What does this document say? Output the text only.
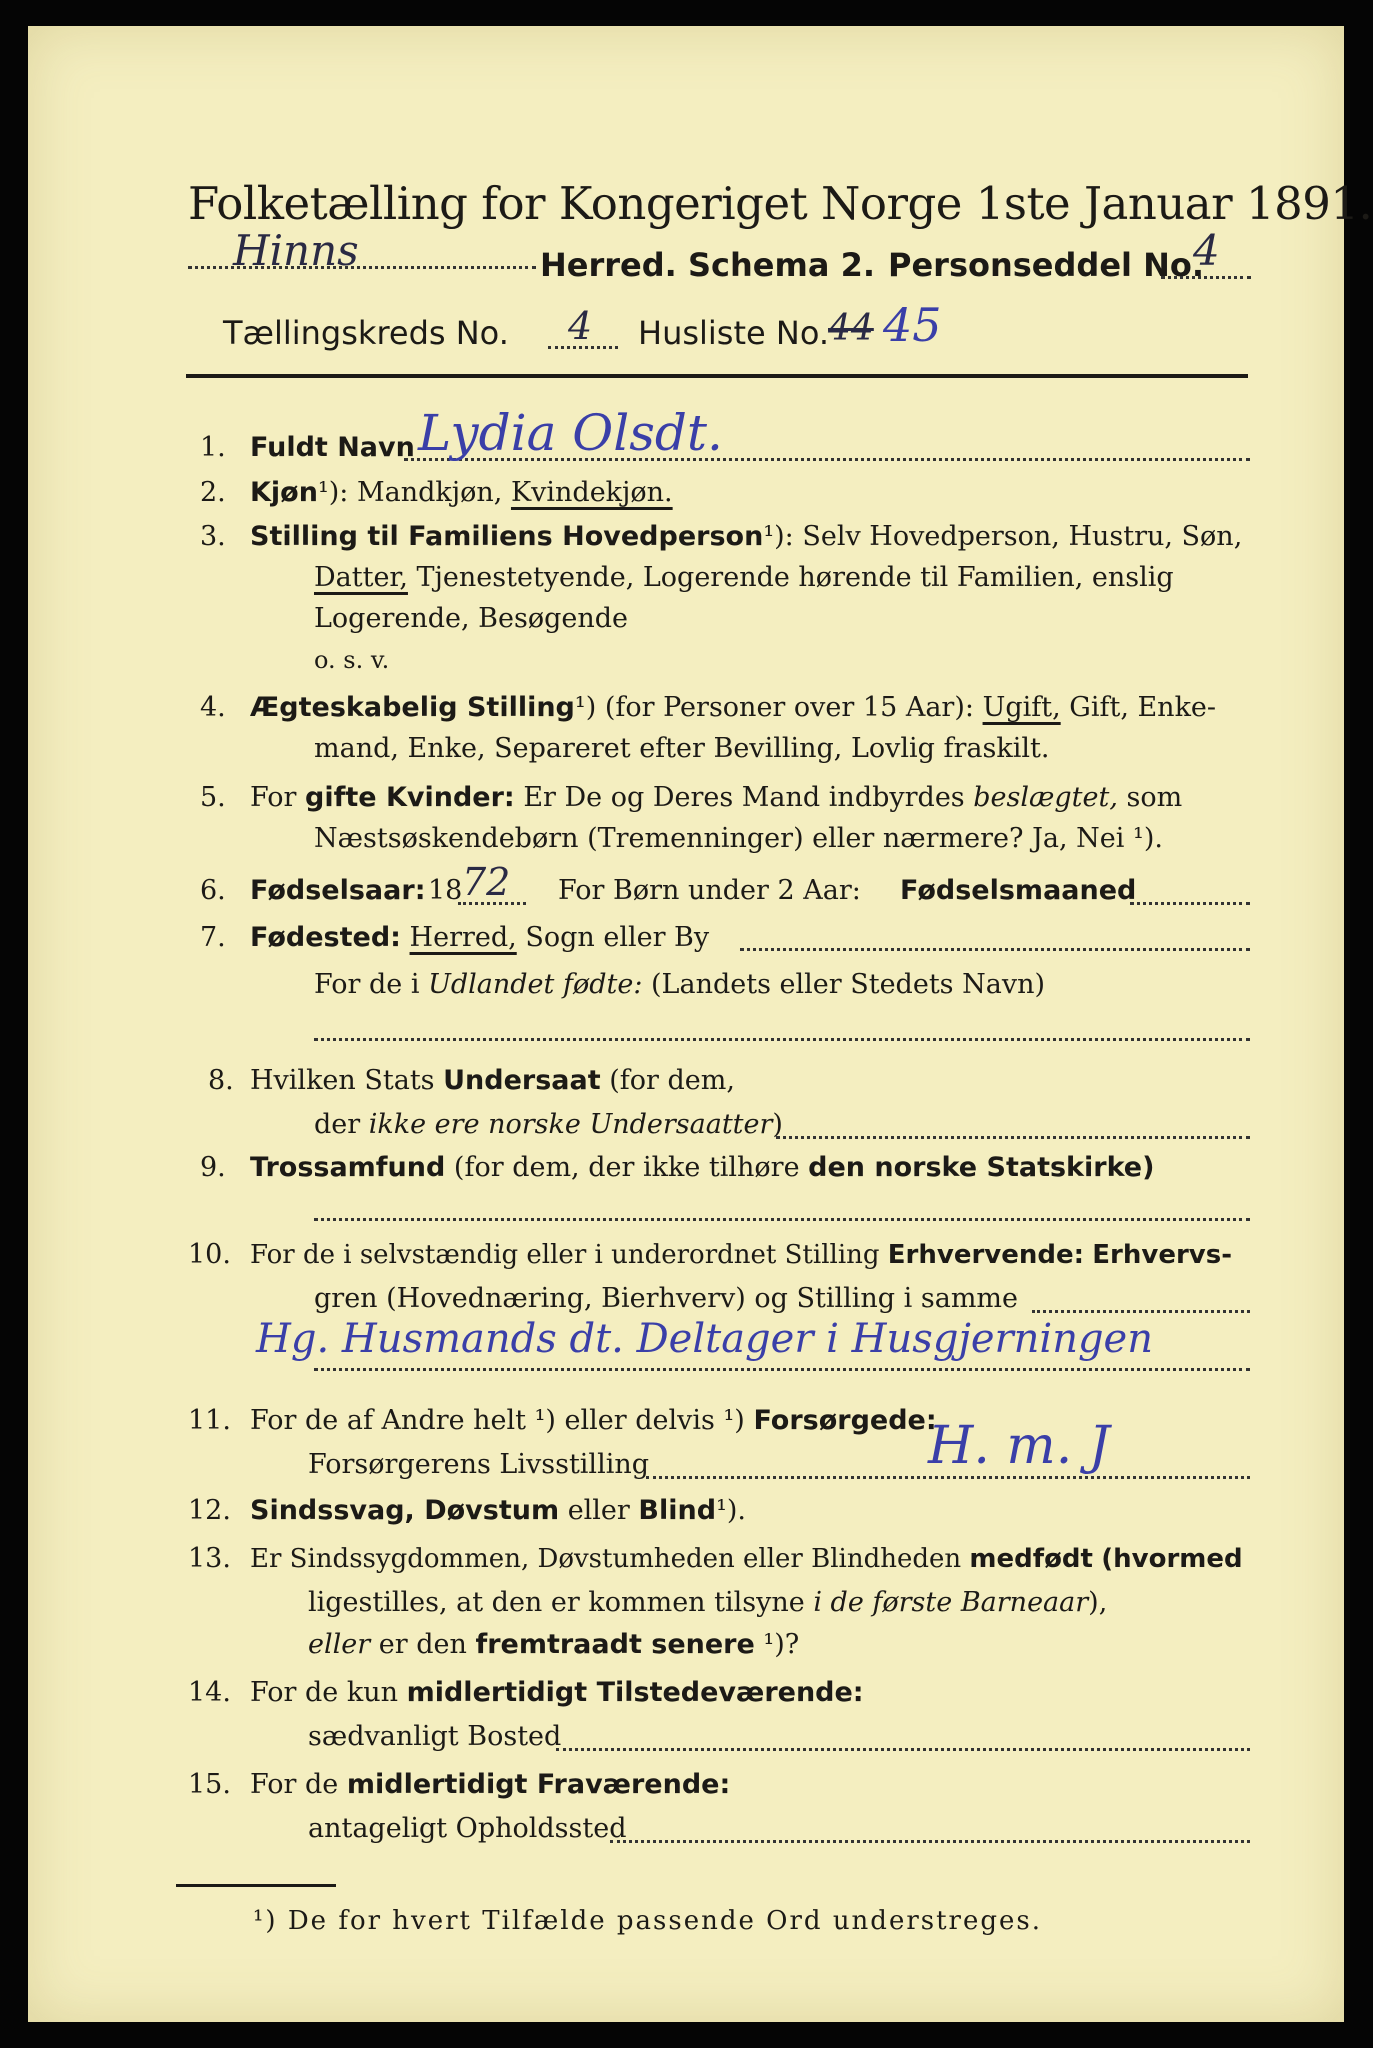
Folketælling for Kongeriget Norge 1ste Januar 1891.
Hinns	Herred. Schema 2. Personseddel No.
4
Tællingskreds No. 4 Husliste No. 44 45
1. Fuldt Navn Lydia Olsdt.
2. Kjøn¹): Mandkjøn, Kvindekjøn.
3. Stilling til Familiens Hovedperson¹): Selv Hovedperson, Hustru, Søn,
Datter, Tjenestetyende, Logerende hørende til Familien, enslig
Logerende, Besøgende
o. s. v.
4. Ægteskabelig Stilling¹) (for Personer over 15 Aar): Ugift, Gift, Enke-
mand, Enke, Separeret efter Bevilling, Lovlig fraskilt.
5. For gifte Kvinder: Er De og Deres Mand indbyrdes beslægtet, som
Næstsøskendebørn (Tremenninger) eller nærmere? Ja, Nei ¹).
6. Fødselsaar: 18 72 For Børn under 2 Aar: Fødselsmaaned
7. Fødested: Herred, Sogn eller By
For de i Udlandet fødte: (Landets eller Stedets Navn)
8. Hvilken Stats Undersaat (for dem,
der ikke ere norske Undersaatter)
9. Trossamfund (for dem, der ikke tilhøre den norske Statskirke)
10. For de i selvstændig eller i underordnet Stilling Erhvervende: Erhvervs-
gren (Hovednæring, Bierhverv) og Stilling i samme
Hg. Husmands dt. Deltager i Husgjerningen
11. For de af Andre helt ¹) eller delvis ¹) Forsørgede:
Forsørgerens Livsstilling	H. m. J
12. Sindssvag, Døvstum eller Blind¹).
13. Er Sindssygdommen, Døvstumheden eller Blindheden medfødt (hvormed
ligestilles, at den er kommen tilsyne i de første Barneaar),
eller er den fremtraadt senere ¹)?
14. For de kun midlertidigt Tilstedeværende:
sædvanligt Bosted
15. For de midlertidigt Fraværende:
antageligt Opholdssted
¹) De for hvert Tilfælde passende Ord understreges.
